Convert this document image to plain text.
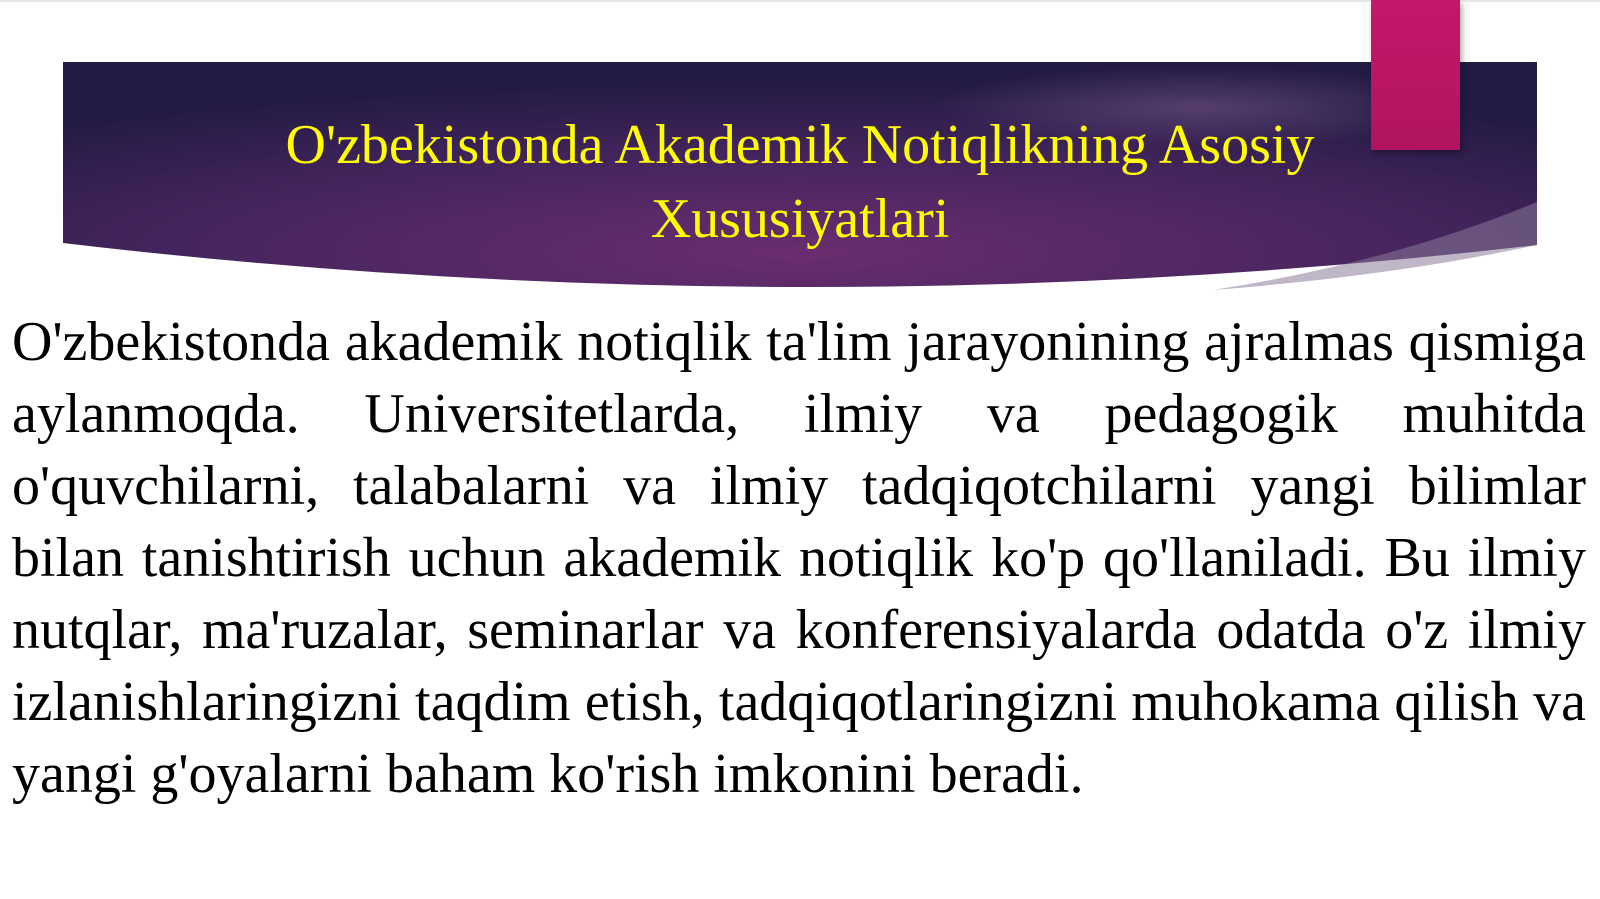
O'zbekistonda Akademik Notiqlikning Asosiy Xususiyatlari

O'zbekistonda akademik notiqlik ta'lim jarayonining ajralmas qismiga aylanmoqda. Universitetlarda, ilmiy va pedagogik muhitda o'quvchilarni, talabalarni va ilmiy tadqiqotchilarni yangi bilimlar bilan tanishtirish uchun akademik notiqlik ko'p qo'llaniladi. Bu ilmiy nutqlar, ma'ruzalar, seminarlar va konferensiyalarda odatda o'z ilmiy izlanishlaringizni taqdim etish, tadqiqotlaringizni muhokama qilish va yangi g'oyalarni baham ko'rish imkonini beradi.
